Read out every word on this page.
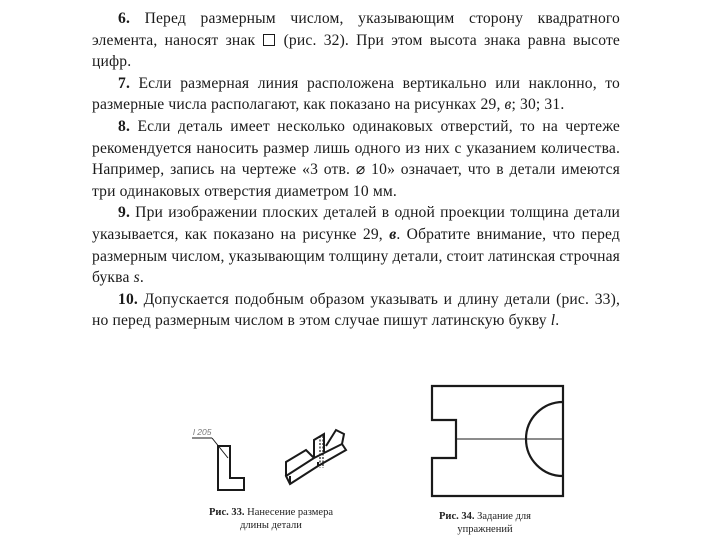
6. Перед размерным числом, указывающим сторону квадратного элемента, наносят знак  (рис. 32). При этом высота знака равна высоте цифр.

7. Если размерная линия расположена вертикально или наклонно, то размерные числа располагают, как показано на рисунках 29, в; 30; 31.

8. Если деталь имеет несколько одинаковых отверстий, то на чертеже рекомендуется наносить размер лишь одного из них с указанием количества. Например, запись на чертеже «3 отв. ⌀ 10» означает, что в детали имеются три одинаковых отверстия диаметром 10 мм.

9. При изображении плоских деталей в одной проекции толщина детали указывается, как показано на рисунке 29, в. Обратите внимание, что перед размерным числом, указывающим толщину детали, стоит латинская строчная буква s.

10. Допускается подобным образом указывать и длину детали (рис. 33), но перед размерным числом в этом случае пишут латинскую букву l.

l 205
Рис. 33. Нанесение размера длины детали
Рис. 34. Задание для упражнений
